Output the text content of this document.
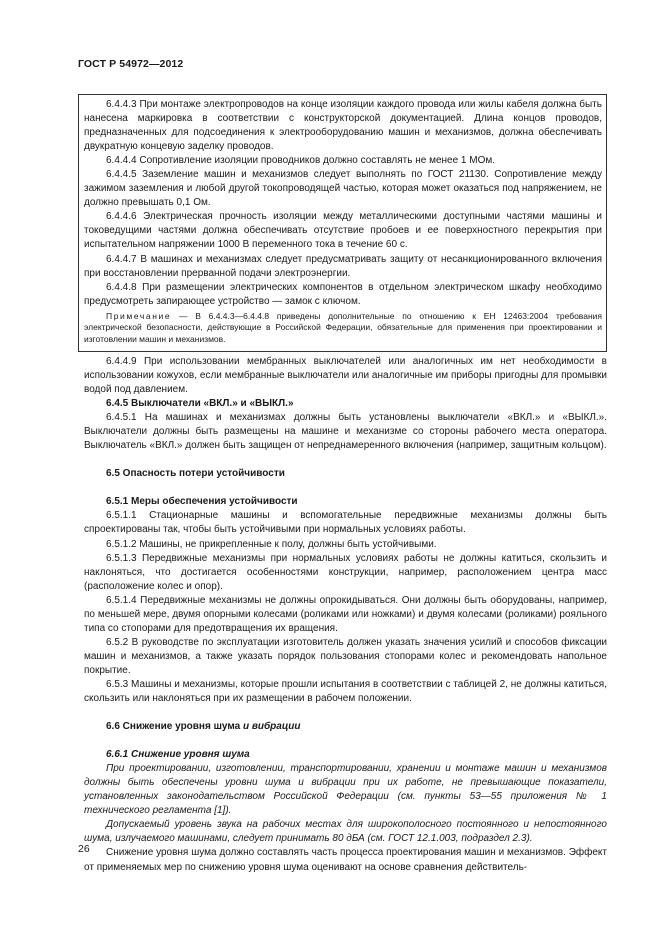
ГОСТ Р 54972—2012

6.4.4.3 При монтаже электропроводов на конце изоляции каждого провода или жилы кабеля должна быть нанесена маркировка в соответствии с конструкторской документацией. Длина концов проводов, предназначенных для подсоединения к электрооборудованию машин и механизмов, должна обеспечивать двукратную концевую заделку проводов.

6.4.4.4 Сопротивление изоляции проводников должно составлять не менее 1 МОм.

6.4.4.5 Заземление машин и механизмов следует выполнять по ГОСТ 21130. Сопротивление между зажимом заземления и любой другой токопроводящей частью, которая может оказаться под напряжением, не должно превышать 0,1 Ом.

6.4.4.6 Электрическая прочность изоляции между металлическими доступными частями машины и токоведущими частями должна обеспечивать отсутствие пробоев и ее поверхностного перекрытия при испытательном напряжении 1000 В переменного тока в течение 60 с.

6.4.4.7 В машинах и механизмах следует предусматривать защиту от несанкционированного включения при восстановлении прерванной подачи электроэнергии.

6.4.4.8 При размещении электрических компонентов в отдельном электрическом шкафу необходимо предусмотреть запирающее устройство — замок с ключом.

Примечание — В 6.4.4.3—6.4.4.8 приведены дополнительные по отношению к ЕН 12463:2004 требования электрической безопасности, действующие в Российской Федерации, обязательные для применения при проектировании и изготовлении машин и механизмов.

6.4.4.9 При использовании мембранных выключателей или аналогичных им нет необходимости в использовании кожухов, если мембранные выключатели или аналогичные им приборы пригодны для промывки водой под давлением.

6.4.5 Выключатели «ВКЛ.» и «ВЫКЛ.»

6.4.5.1 На машинах и механизмах должны быть установлены выключатели «ВКЛ.» и «ВЫКЛ.». Выключатели должны быть размещены на машине и механизме со стороны рабочего места оператора. Выключатель «ВКЛ.» должен быть защищен от непреднамеренного включения (например, защитным кольцом).

6.5 Опасность потери устойчивости

6.5.1 Меры обеспечения устойчивости

6.5.1.1 Стационарные машины и вспомогательные передвижные механизмы должны быть спроектированы так, чтобы быть устойчивыми при нормальных условиях работы.

6.5.1.2 Машины, не прикрепленные к полу, должны быть устойчивыми.

6.5.1.3 Передвижные механизмы при нормальных условиях работы не должны катиться, скользить и наклоняться, что достигается особенностями конструкции, например, расположением центра масс (расположение колес и опор).

6.5.1.4 Передвижные механизмы не должны опрокидываться. Они должны быть оборудованы, например, по меньшей мере, двумя опорными колесами (роликами или ножками) и двумя колесами (роликами) рояльного типа со стопорами для предотвращения их вращения.

6.5.2 В руководстве по эксплуатации изготовитель должен указать значения усилий и способов фиксации машин и механизмов, а также указать порядок пользования стопорами колес и рекомендовать напольное покрытие.

6.5.3 Машины и механизмы, которые прошли испытания в соответствии с таблицей 2, не должны катиться, скользить или наклоняться при их размещении в рабочем положении.

6.6 Снижение уровня шума и вибрации

6.6.1 Снижение уровня шума

При проектировании, изготовлении, транспортировании, хранении и монтаже машин и механизмов должны быть обеспечены уровни шума и вибрации при их работе, не превышающие показатели, установленных законодательством Российской Федерации (см. пункты 53—55 приложения № 1 технического регламента [1]).

Допускаемый уровень звука на рабочих местах для широкополосного постоянного и непостоянного шума, излучаемого машинами, следует принимать 80 дБА (см. ГОСТ 12.1.003, подраздел 2.3).

Снижение уровня шума должно составлять часть процесса проектирования машин и механизмов. Эффект от применяемых мер по снижению уровня шума оценивают на основе сравнения действитель-

26
